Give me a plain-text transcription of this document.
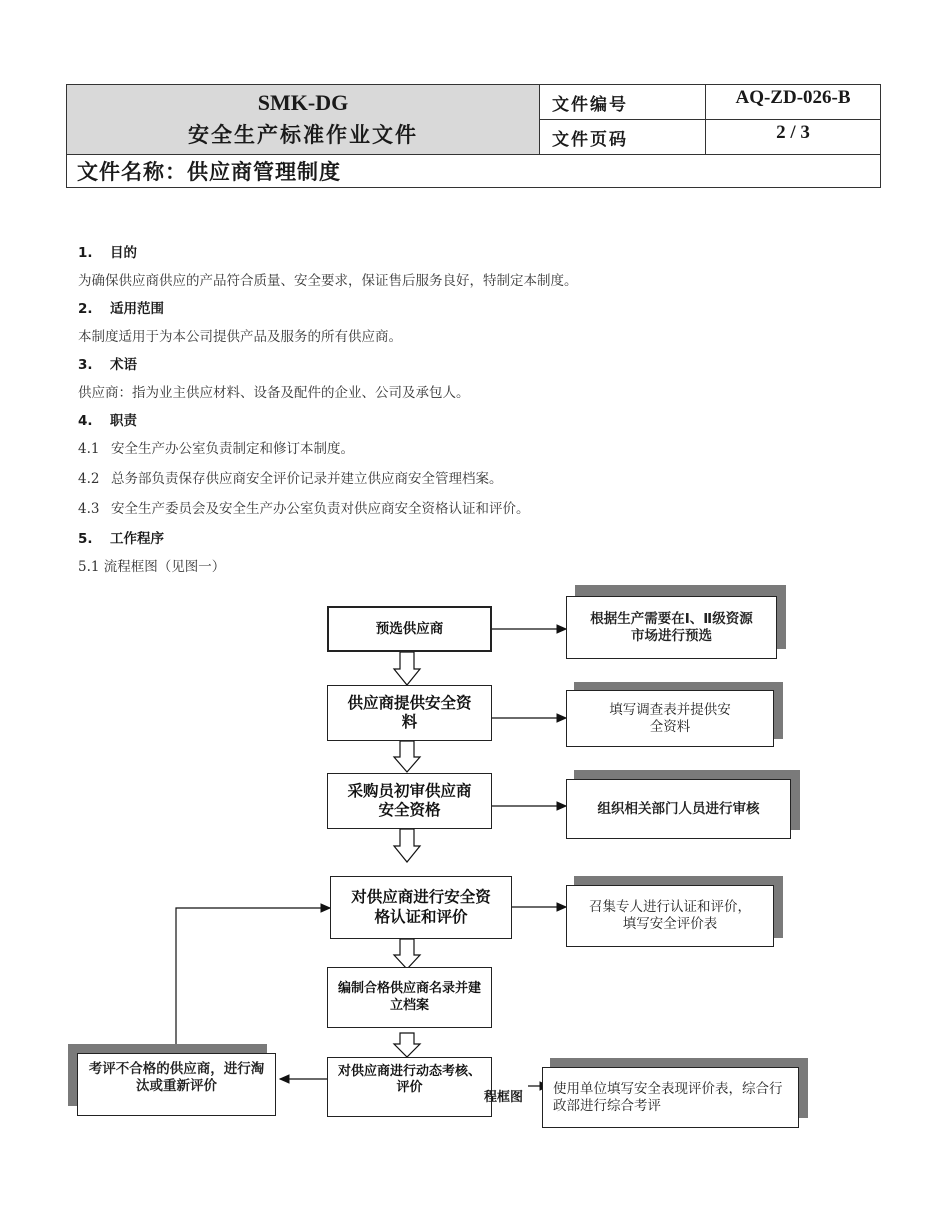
SMK-DG
安全生产标准作业文件	文件编号	AQ-ZD-026-B
	文件页码	2 / 3
文件名称：供应商管理制度		
1. 目的
为确保供应商供应的产品符合质量、安全要求，保证售后服务良好，特制定本制度。
2. 适用范围
本制度适用于为本公司提供产品及服务的所有供应商。
3. 术语
供应商：指为业主供应材料、设备及配件的企业、公司及承包人。
4. 职责
4.1 安全生产办公室负责制定和修订本制度。
4.2 总务部负责保存供应商安全评价记录并建立供应商安全管理档案。
4.3 安全生产委员会及安全生产办公室负责对供应商安全资格认证和评价。
5. 工作程序
5.1 流程框图（见图一）
预选供应商
供应商提供安全资料
采购员初审供应商安全资格
对供应商进行安全资格认证和评价
编制合格供应商名录并建立档案
对供应商进行动态考核、评价
程框图
根据生产需要在Ⅰ、Ⅱ级资源市场进行预选
填写调查表并提供安全资料
组织相关部门人员进行审核
召集专人进行认证和评价，填写安全评价表
使用单位填写安全表现评价表，综合行政部进行综合考评
考评不合格的供应商，进行淘汰或重新评价
